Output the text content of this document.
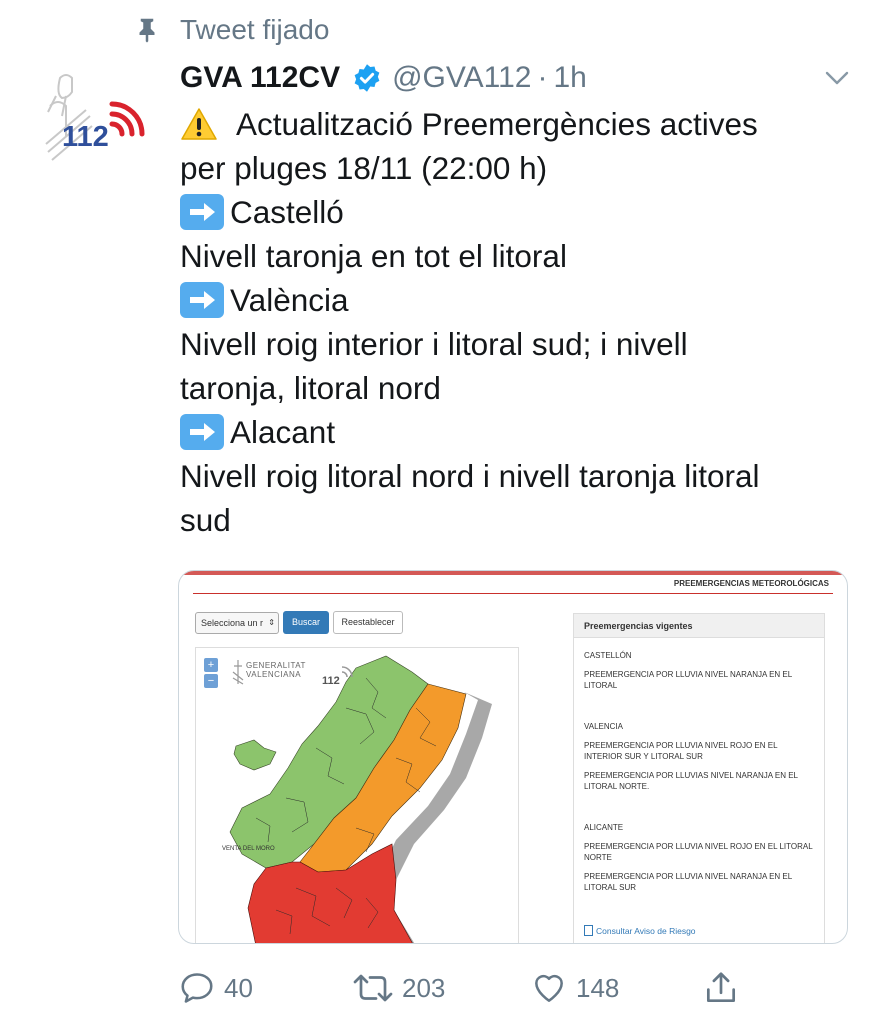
Tweet fijado
112
GVA 112CV @GVA112 · 1h
Actualització Preemergències actives
per pluges 18/11 (22:00 h)
Castelló
Nivell taronja en tot el litoral
València
Nivell roig interior i litoral sud; i nivell
taronja, litoral nord
Alacant
Nivell roig litoral nord i nivell taronja litoral
sud
PREEMERGENCIAS METEOROLÓGICAS
Selecciona un r ⇕	Buscar	Reestablecer
+
−
GENERALITAT
VALENCIANA
112
VENTA DEL MORO
Preemergencias vigentes
CASTELLÓN
PREEMERGENCIA POR LLUVIA NIVEL NARANJA EN EL LITORAL
VALENCIA
PREEMERGENCIA POR LLUVIA NIVEL ROJO EN EL INTERIOR SUR Y LITORAL SUR
PREEMERGENCIA POR LLUVIAS NIVEL NARANJA EN EL LITORAL NORTE.
ALICANTE
PREEMERGENCIA POR LLUVIA NIVEL ROJO EN EL LITORAL NORTE
PREEMERGENCIA POR LLUVIA NIVEL NARANJA EN EL LITORAL SUR
Consultar Aviso de Riesgo
40	203	148
